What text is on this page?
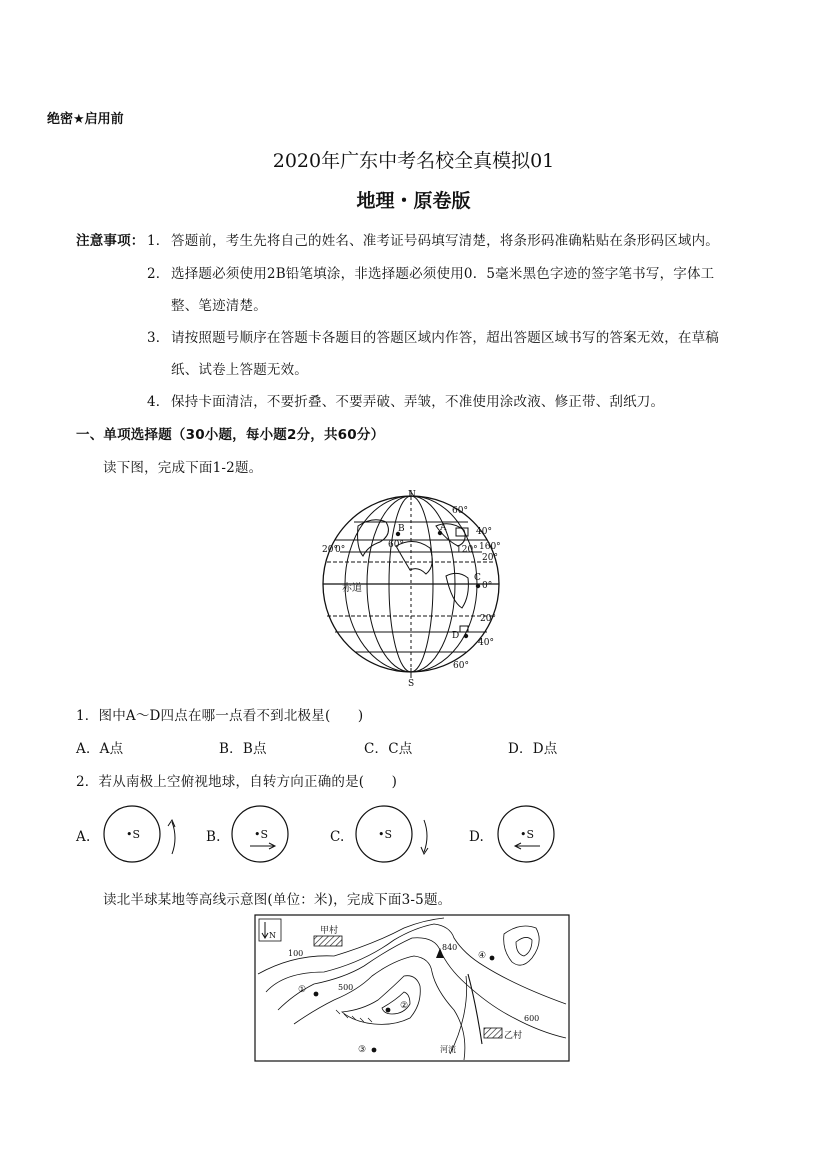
绝密★启用前
2020年广东中考名校全真模拟01
地理・原卷版
注意事项： 1． 答题前，考生先将自己的姓名、准考证号码填写清楚，将条形码准确粘贴在条形码区域内。
2． 选择题必须使用2B铅笔填涂，非选择题必须使用0．5毫米黑色字迹的签字笔书写，字体工
整、笔迹清楚。
3． 请按照题号顺序在答题卡各题目的答题区域内作答，超出答题区域书写的答案无效，在草稿
纸、试卷上答题无效。
4． 保持卡面清洁，不要折叠、不要弄破、弄皱，不准使用涂改液、修正带、刮纸刀。
一、单项选择题（30小题，每小题2分，共60分）
读下图，完成下面1-2题。
N
S
60°
40°
160°
20°
0°
20°
40°
60°
20°
0°	60°	120°
赤道
A
B
C
D
1．图中A～D四点在哪一点看不到北极星(　　)
A．A点	B．B点	C．C点	D．D点
2．若从南极上空俯视地球，自转方向正确的是(　　)
A.	•S	B.	•S	C.	•S	D.	•S
读北半球某地等高线示意图(单位：米)，完成下面3-5题。
N	甲村
乙村
100
500
600
840
河流
①
②
③
④
